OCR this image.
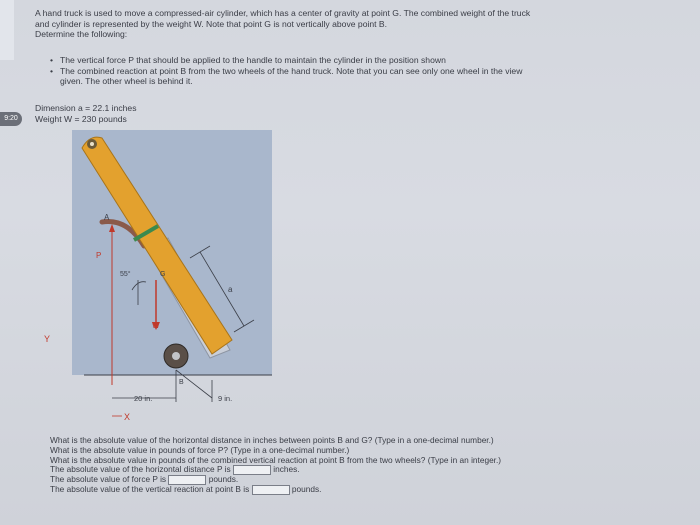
9:20

A hand truck is used to move a compressed-air cylinder, which has a center of gravity at point G. The combined weight of the truck

and cylinder is represented by the weight W. Note that point G is not vertically above point B.

Determine the following:

• The vertical force P that should be applied to the handle to maintain the cylinder in the position shown
• The combined reaction at point B from the two wheels of the hand truck. Note that you can see only one wheel in the view
given. The other wheel is behind it.
Dimension a = 22.1 inches
Weight W = 230 pounds
A
P
55°	G
W
a
B
Y
20 in.	9 in.
X

What is the absolute value of the horizontal distance in inches between points B and G? (Type in a one-decimal number.)

What is the absolute value in pounds of force P? (Type in a one-decimal number.)

What is the absolute value in pounds of the combined vertical reaction at point B from the two wheels? (Type in an integer.)

The absolute value of the horizontal distance P is	inches.

The absolute value of force P is	pounds.

The absolute value of the vertical reaction at point B is	pounds.
